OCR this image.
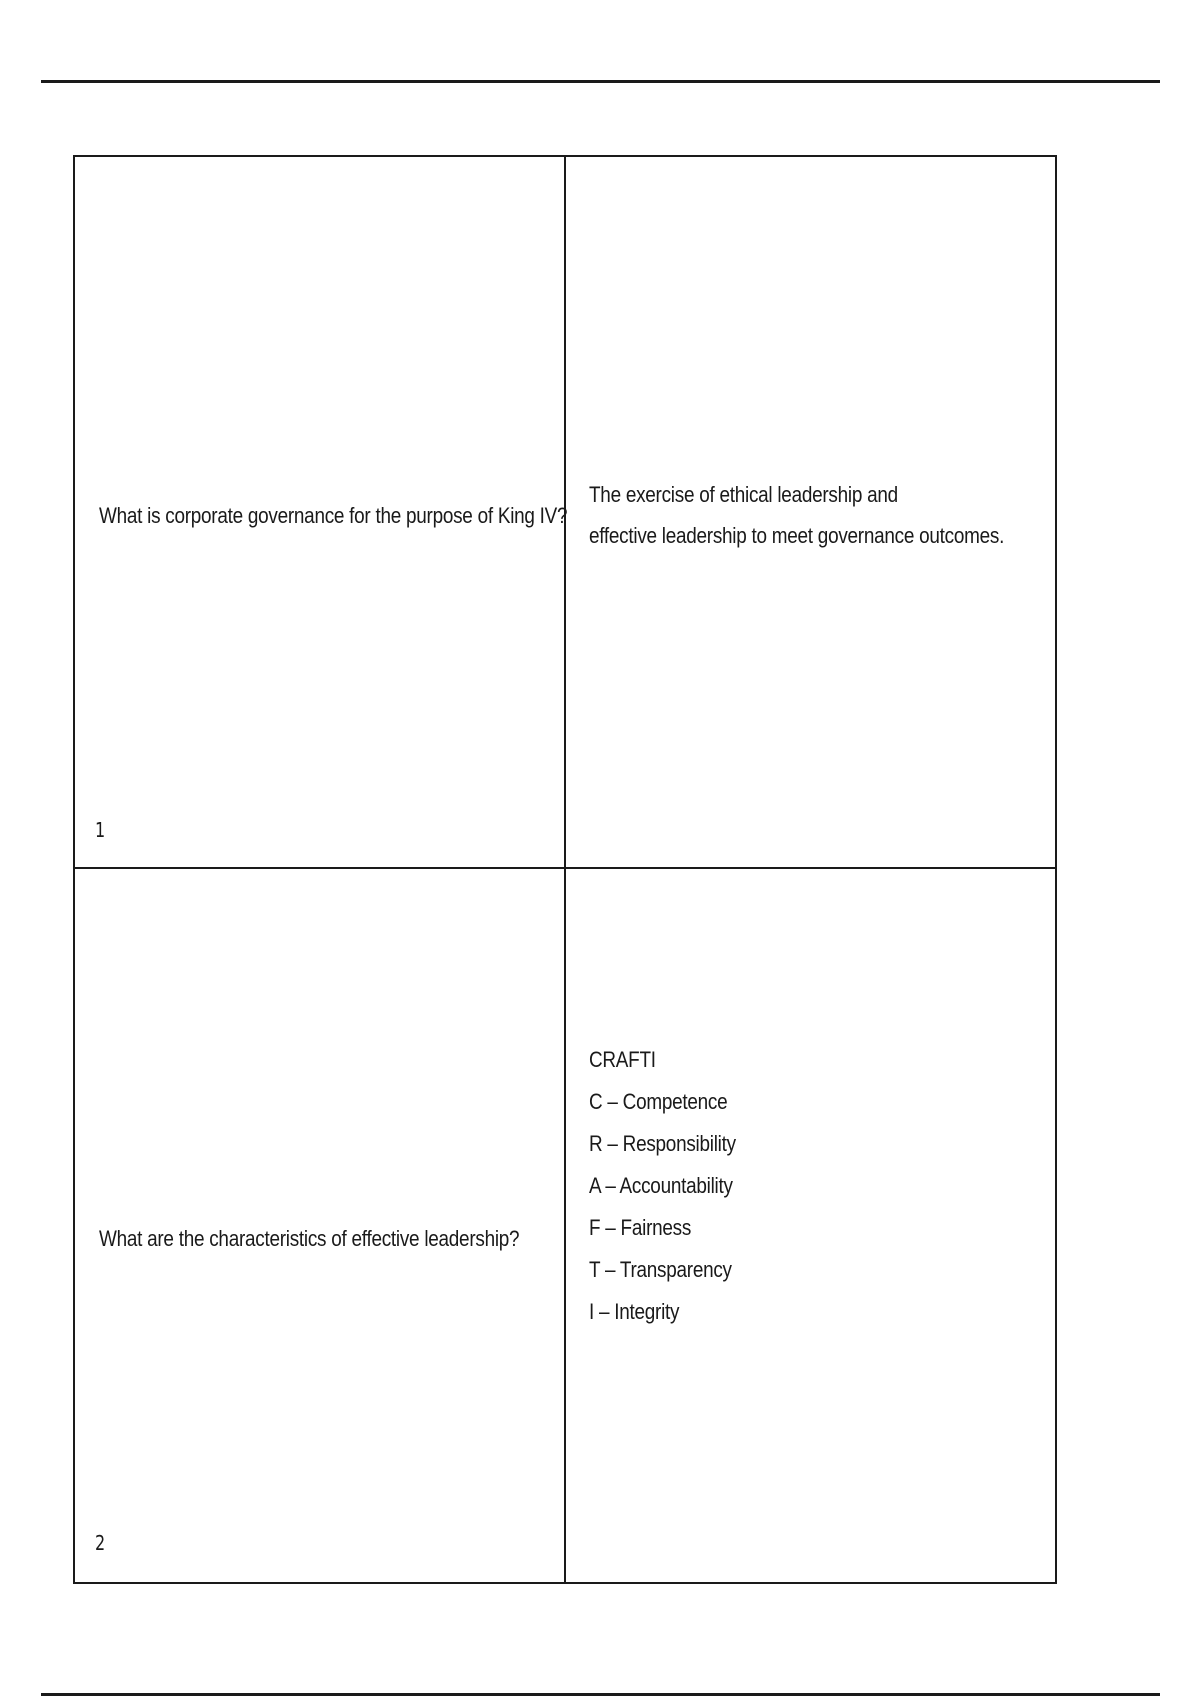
What is corporate governance for the purpose of King IV?
1
The exercise of ethical leadership and
effective leadership to meet governance outcomes.
What are the characteristics of effective leadership?
2
CRAFTI
C – Competence
R – Responsibility
A – Accountability
F – Fairness
T – Transparency
I – Integrity
